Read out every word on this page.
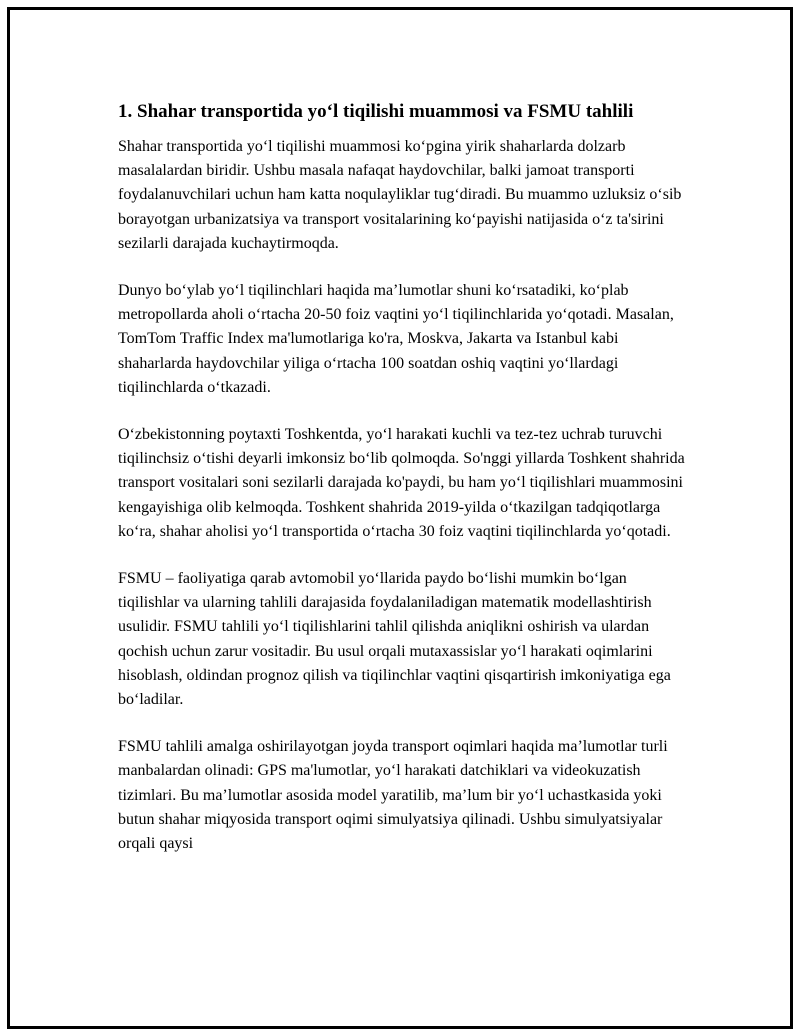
1. Shahar transportida yo‘l tiqilishi muammosi va FSMU tahlili

Shahar transportida yo‘l tiqilishi muammosi ko‘pgina yirik shaharlarda dolzarb masalalardan biridir. Ushbu masala nafaqat haydovchilar, balki jamoat transporti foydalanuvchilari uchun ham katta noqulayliklar tug‘diradi. Bu muammo uzluksiz o‘sib borayotgan urbanizatsiya va transport vositalarining ko‘payishi natijasida o‘z ta'sirini sezilarli darajada kuchaytirmoqda.

Dunyo bo‘ylab yo‘l tiqilinchlari haqida ma’lumotlar shuni ko‘rsatadiki, ko‘plab metropollarda aholi o‘rtacha 20-50 foiz vaqtini yo‘l tiqilinchlarida yo‘qotadi. Masalan, TomTom Traffic Index ma'lumotlariga ko'ra, Moskva, Jakarta va Istanbul kabi shaharlarda haydovchilar yiliga o‘rtacha 100 soatdan oshiq vaqtini yo‘llardagi tiqilinchlarda o‘tkazadi.

O‘zbekistonning poytaxti Toshkentda, yo‘l harakati kuchli va tez-tez uchrab turuvchi tiqilinchsiz o‘tishi deyarli imkonsiz bo‘lib qolmoqda. So'nggi yillarda Toshkent shahrida transport vositalari soni sezilarli darajada ko'paydi, bu ham yo‘l tiqilishlari muammosini kengayishiga olib kelmoqda. Toshkent shahrida 2019-yilda o‘tkazilgan tadqiqotlarga ko‘ra, shahar aholisi yo‘l transportida o‘rtacha 30 foiz vaqtini tiqilinchlarda yo‘qotadi.

FSMU – faoliyatiga qarab avtomobil yo‘llarida paydo bo‘lishi mumkin bo‘lgan tiqilishlar va ularning tahlili darajasida foydalaniladigan matematik modellashtirish usulidir. FSMU tahlili yo‘l tiqilishlarini tahlil qilishda aniqlikni oshirish va ulardan qochish uchun zarur vositadir. Bu usul orqali mutaxassislar yo‘l harakati oqimlarini hisoblash, oldindan prognoz qilish va tiqilinchlar vaqtini qisqartirish imkoniyatiga ega bo‘ladilar.

FSMU tahlili amalga oshirilayotgan joyda transport oqimlari haqida ma’lumotlar turli manbalardan olinadi: GPS ma'lumotlar, yo‘l harakati datchiklari va videokuzatish tizimlari. Bu ma’lumotlar asosida model yaratilib, ma’lum bir yo‘l uchastkasida yoki butun shahar miqyosida transport oqimi simulyatsiya qilinadi. Ushbu simulyatsiyalar orqali qaysi
